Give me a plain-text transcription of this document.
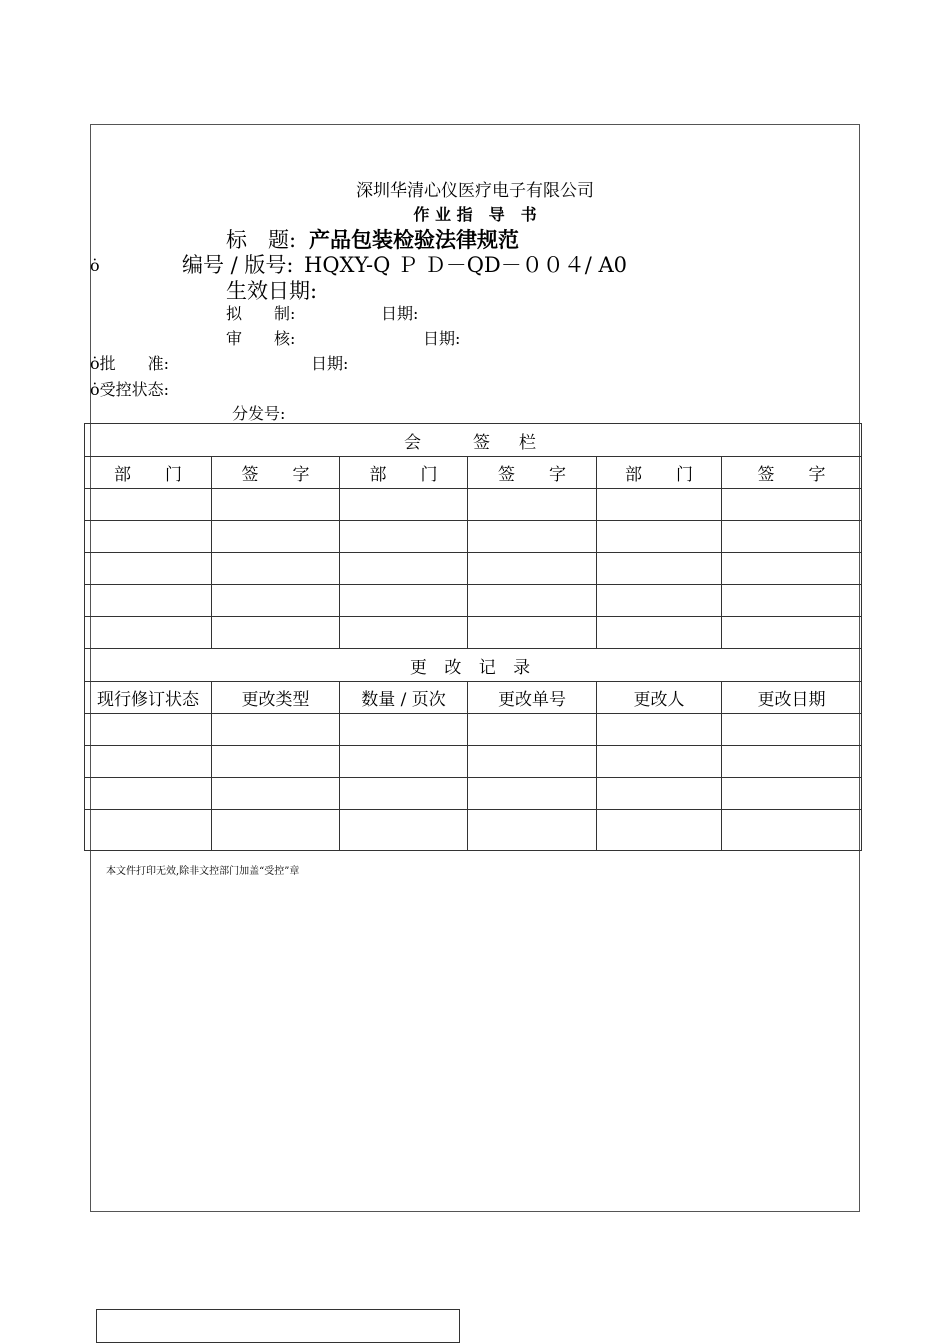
深圳华清心仪医疗电子有限公司
作 业 指　导　书
标　题: 产品包装检验法律规范
ȯ	编号 / 版号: HQXY-Q Ｐ Ｄ－QD－００４/ A0
生效日期:
拟　　制:	日期:
审　　核:	日期:
ȯ批　　准:	日期:
ȯ受控状态:
分发号:
会　　签　栏					
部　　门	签　　字	部　　门	签　　字	部　　门	签　　字

更 改 记 录					
现行修订状态	更改类型	数量 / 页次	更改单号	更改人	更改日期

本文件打印无效,除非文控部门加盖“受控”章
